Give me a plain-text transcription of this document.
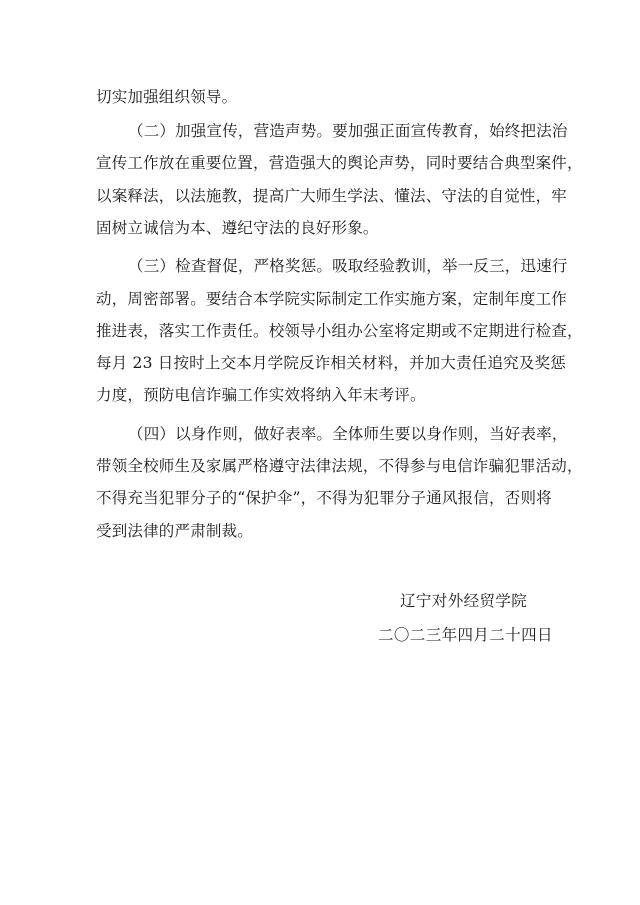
切实加强组织领导。
（二）加强宣传，营造声势。要加强正面宣传教育，始终把法治
宣传工作放在重要位置，营造强大的舆论声势，同时要结合典型案件，
以案释法，以法施教，提高广大师生学法、懂法、守法的自觉性，牢
固树立诚信为本、遵纪守法的良好形象。
（三）检查督促，严格奖惩。吸取经验教训，举一反三，迅速行
动，周密部署。要结合本学院实际制定工作实施方案，定制年度工作
推进表，落实工作责任。校领导小组办公室将定期或不定期进行检查，
每月 23 日按时上交本月学院反诈相关材料，并加大责任追究及奖惩
力度，预防电信诈骗工作实效将纳入年末考评。
（四）以身作则，做好表率。全体师生要以身作则，当好表率，
带领全校师生及家属严格遵守法律法规，不得参与电信诈骗犯罪活动，
不得充当犯罪分子的“保护伞”，不得为犯罪分子通风报信，否则将
受到法律的严肃制裁。
辽宁对外经贸学院
二〇二三年四月二十四日
